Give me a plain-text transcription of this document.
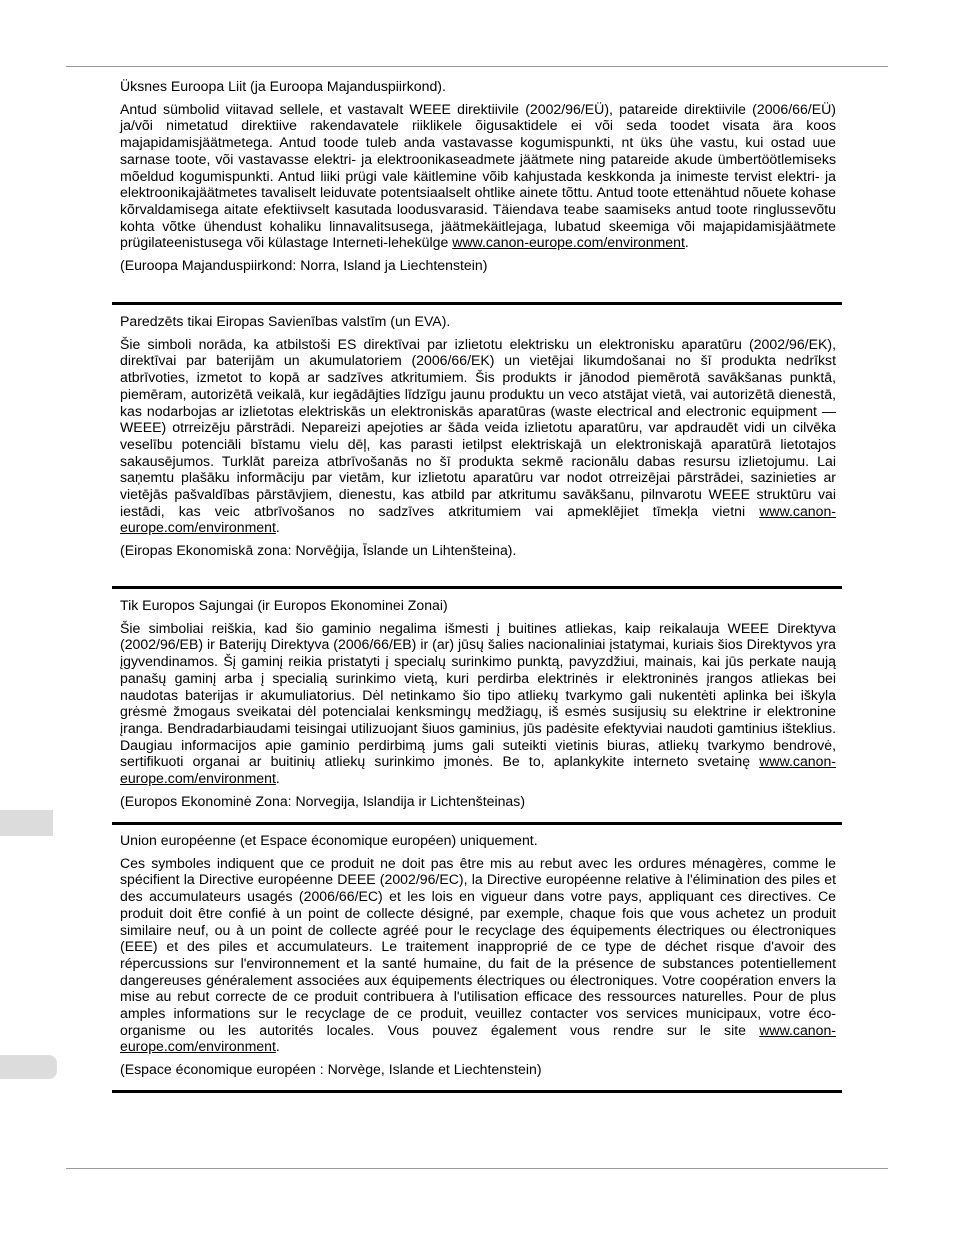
Üksnes Euroopa Liit (ja Euroopa Majanduspiirkond).

Antud sümbolid viitavad sellele, et vastavalt WEEE direktiivile (2002/96/EÜ), patareide direktiivile (2006/66/EÜ) ja/või nimetatud direktiive rakendavatele riiklikele õigusaktidele ei või seda toodet visata ära koos majapidamisjäätmetega. Antud toode tuleb anda vastavasse kogumispunkti, nt üks ühe vastu, kui ostad uue sarnase toote, või vastavasse elektri- ja elektroonikaseadmete jäätmete ning patareide akude ümbertöötlemiseks mõeldud kogumispunkti. Antud liiki prügi vale käitlemine võib kahjustada keskkonda ja inimeste tervist elektri- ja elektroonikajäätmetes tavaliselt leiduvate potentsiaalselt ohtlike ainete tõttu. Antud toote ettenähtud nõuete kohase kõrvaldamisega aitate efektiivselt kasutada loodusvarasid. Täiendava teabe saamiseks antud toote ringlussevõtu kohta võtke ühendust kohaliku linnavalitsusega, jäätmekäitlejaga, lubatud skeemiga või majapidamisjäätmete prügilateenistusega või külastage Interneti-lehekülge www.canon-europe.com/environment.

(Euroopa Majanduspiirkond: Norra, Island ja Liechtenstein)

Paredzēts tikai Eiropas Savienības valstīm (un EVA).

Šie simboli norāda, ka atbilstoši ES direktīvai par izlietotu elektrisku un elektronisku aparatūru (2002/96/EK), direktīvai par baterijām un akumulatoriem (2006/66/EK) un vietējai likumdošanai no šī produkta nedrīkst atbrīvoties, izmetot to kopā ar sadzīves atkritumiem. Šis produkts ir jānodod piemērotā savākšanas punktā, piemēram, autorizētā veikalā, kur iegādājties līdzīgu jaunu produktu un veco atstājat vietā, vai autorizētā dienestā, kas nodarbojas ar izlietotas elektriskās un elektroniskās aparatūras (waste electrical and electronic equipment — WEEE) otrreizēju pārstrādi. Nepareizi apejoties ar šāda veida izlietotu aparatūru, var apdraudēt vidi un cilvēka veselību potenciāli bīstamu vielu dēļ, kas parasti ietilpst elektriskajā un elektroniskajā aparatūrā lietotajos sakausējumos. Turklāt pareiza atbrīvošanās no šī produkta sekmē racionālu dabas resursu izlietojumu. Lai saņemtu plašāku informāciju par vietām, kur izlietotu aparatūru var nodot otrreizējai pārstrādei, sazinieties ar vietējās pašvaldības pārstāvjiem, dienestu, kas atbild par atkritumu savākšanu, pilnvarotu WEEE struktūru vai iestādi, kas veic atbrīvošanos no sadzīves atkritumiem vai apmeklējiet tīmekļa vietni www.canon-europe.com/environment.

(Eiropas Ekonomiskā zona: Norvēģija, Īslande un Lihtenšteina).

Tik Europos Sajungai (ir Europos Ekonominei Zonai)

Šie simboliai reiškia, kad šio gaminio negalima išmesti į buitines atliekas, kaip reikalauja WEEE Direktyva (2002/96/EB) ir Baterijų Direktyva (2006/66/EB) ir (ar) jūsų šalies nacionaliniai įstatymai, kuriais šios Direktyvos yra įgyvendinamos. Šį gaminį reikia pristatyti į specialų surinkimo punktą, pavyzdžiui, mainais, kai jūs perkate naują panašų gaminį arba į specialią surinkimo vietą, kuri perdirba elektrinės ir elektroninės įrangos atliekas bei naudotas baterijas ir akumuliatorius. Dėl netinkamo šio tipo atliekų tvarkymo gali nukentėti aplinka bei iškyla grėsmė žmogaus sveikatai dėl potencialai kenksmingų medžiagų, iš esmės susijusių su elektrine ir elektronine įranga. Bendradarbiaudami teisingai utilizuojant šiuos gaminius, jūs padėsite efektyviai naudoti gamtinius išteklius. Daugiau informacijos apie gaminio perdirbimą jums gali suteikti vietinis biuras, atliekų tvarkymo bendrovė, sertifikuoti organai ar buitinių atliekų surinkimo įmonės. Be to, aplankykite interneto svetainę www.canon-europe.com/environment.

(Europos Ekonominė Zona: Norvegija, Islandija ir Lichtenšteinas)

Union européenne (et Espace économique européen) uniquement.

Ces symboles indiquent que ce produit ne doit pas être mis au rebut avec les ordures ménagères, comme le spécifient la Directive européenne DEEE (2002/96/EC), la Directive européenne relative à l'élimination des piles et des accumulateurs usagés (2006/66/EC) et les lois en vigueur dans votre pays, appliquant ces directives. Ce produit doit être confié à un point de collecte désigné, par exemple, chaque fois que vous achetez un produit similaire neuf, ou à un point de collecte agréé pour le recyclage des équipements électriques ou électroniques (EEE) et des piles et accumulateurs. Le traitement inapproprié de ce type de déchet risque d'avoir des répercussions sur l'environnement et la santé humaine, du fait de la présence de substances potentiellement dangereuses généralement associées aux équipements électriques ou électroniques. Votre coopération envers la mise au rebut correcte de ce produit contribuera à l'utilisation efficace des ressources naturelles. Pour de plus amples informations sur le recyclage de ce produit, veuillez contacter vos services municipaux, votre éco-organisme ou les autorités locales. Vous pouvez également vous rendre sur le site www.canon-europe.com/environment.

(Espace économique européen : Norvège, Islande et Liechtenstein)
